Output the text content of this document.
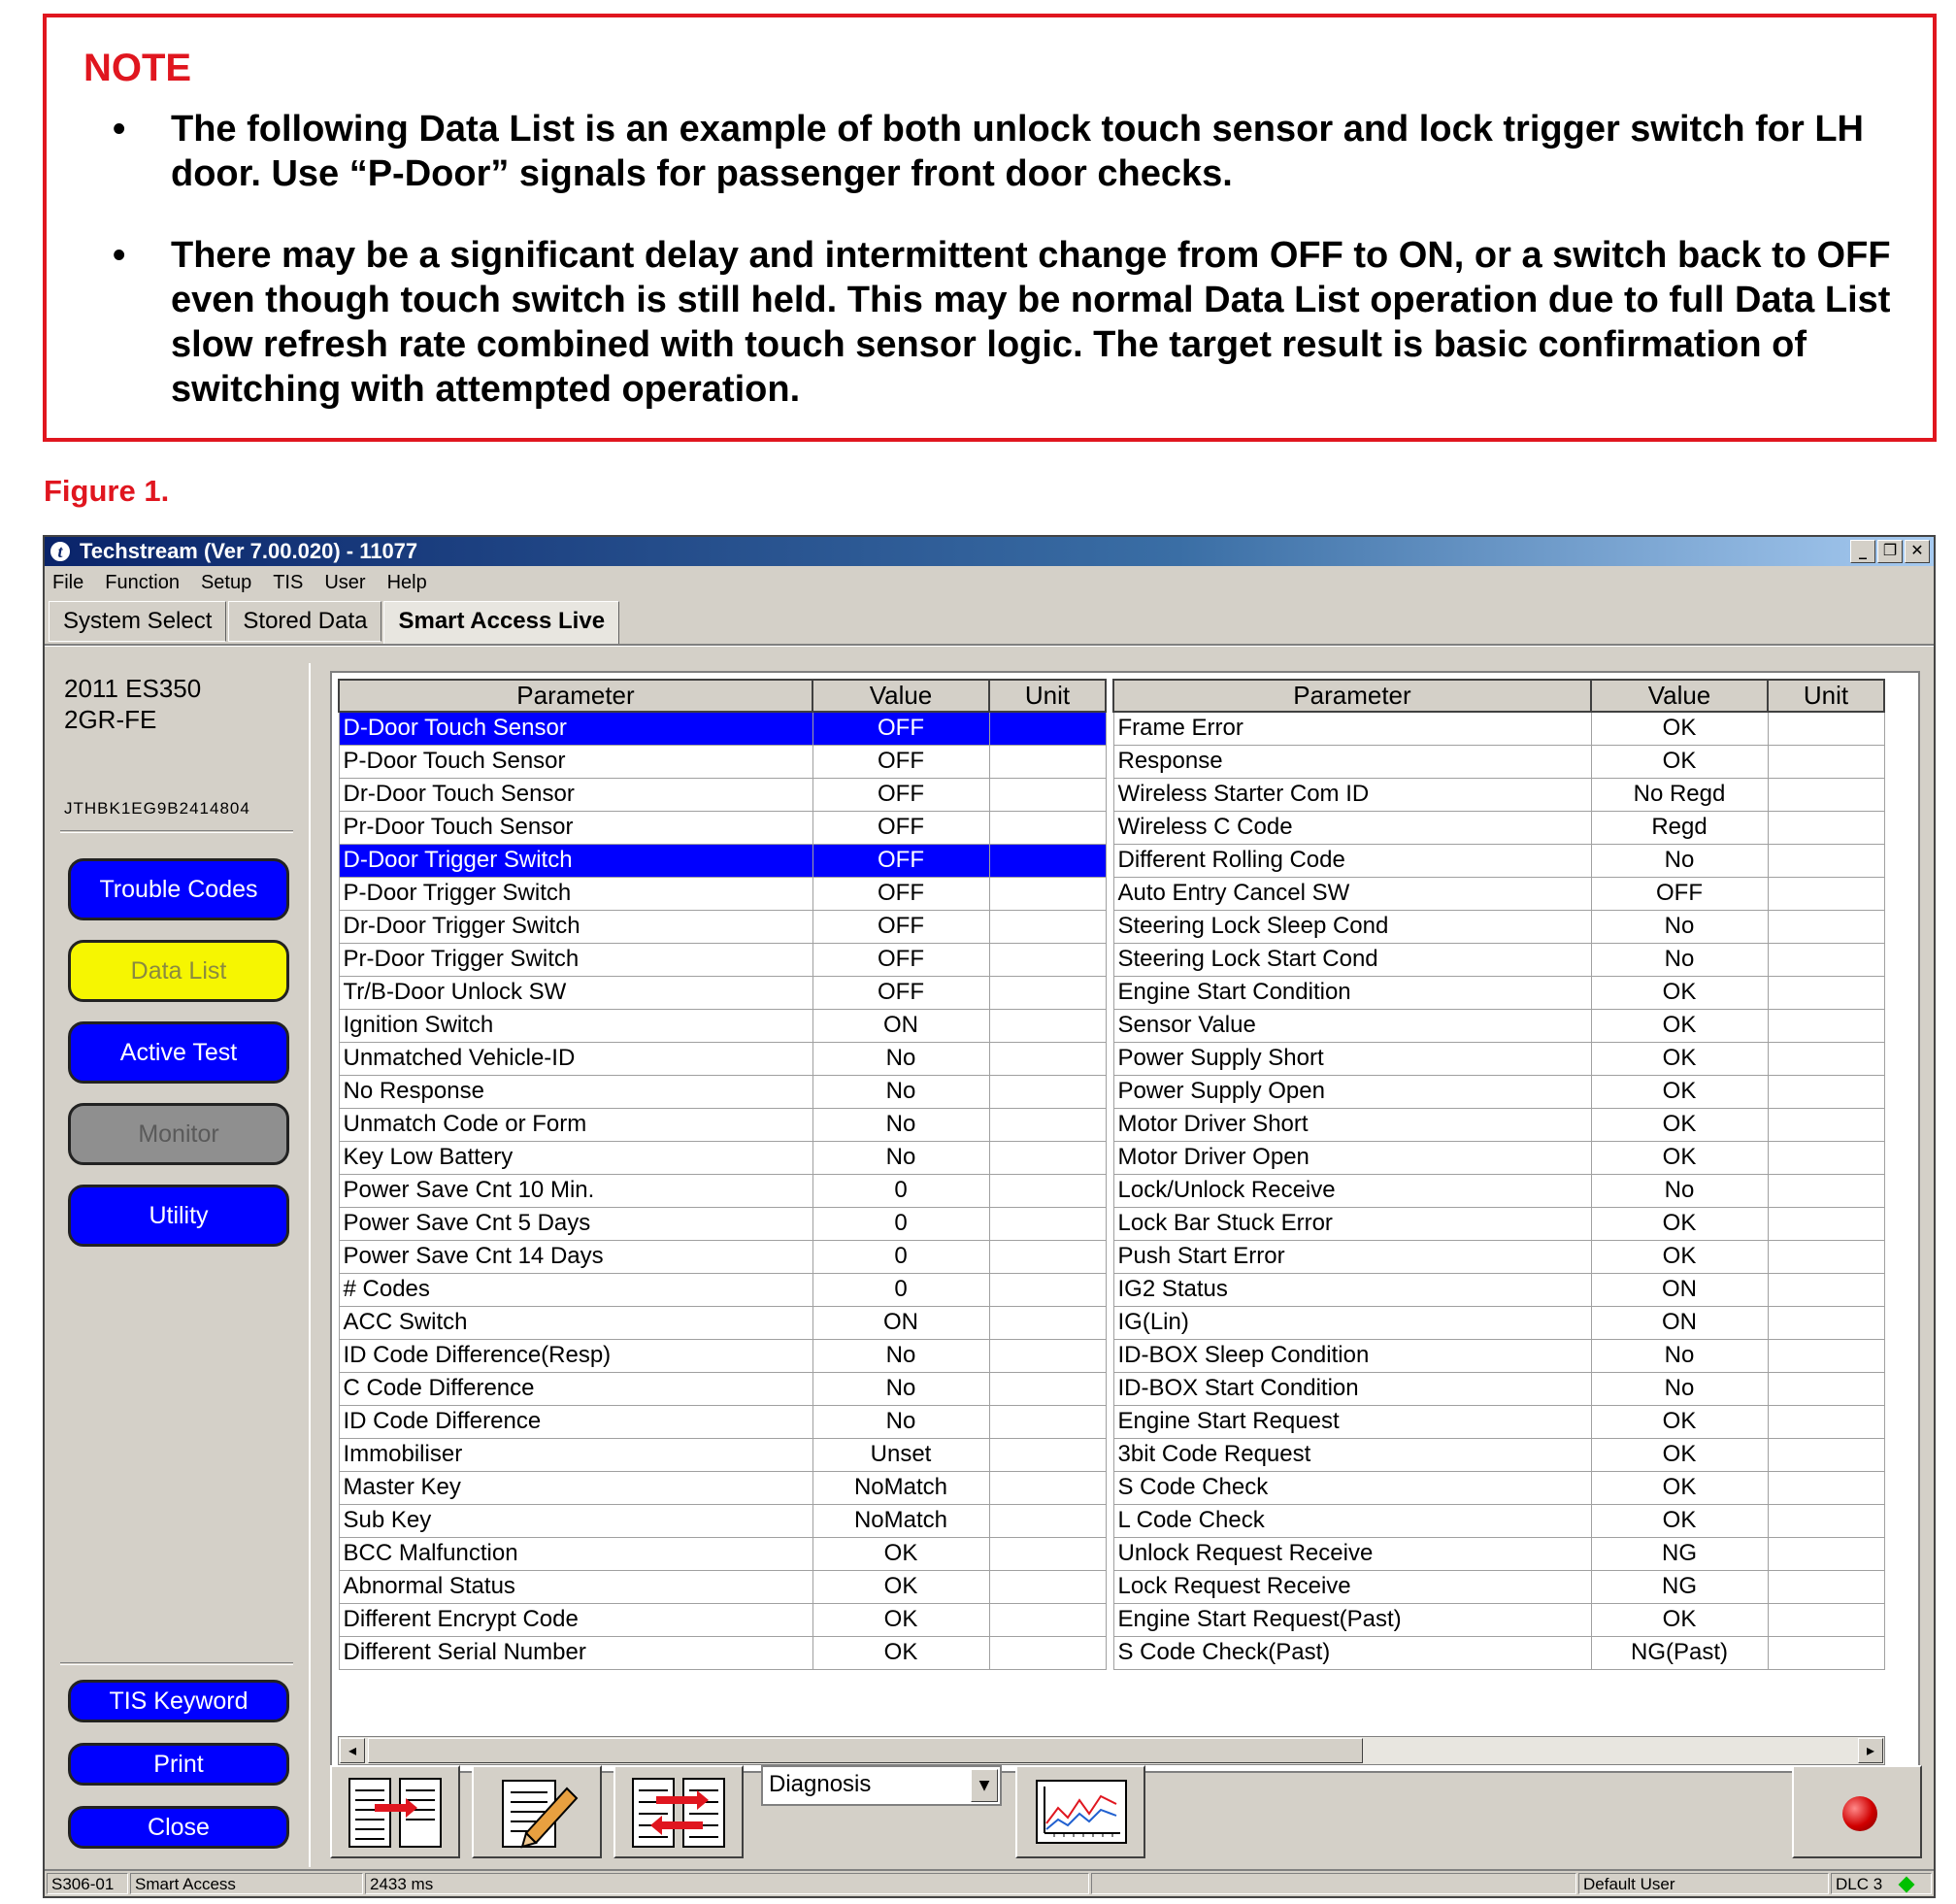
NOTE
• The following Data List is an example of both unlock touch sensor and lock trigger switch for LH door. Use “P-Door” signals for passenger front door checks.
• There may be a significant delay and intermittent change from OFF to ON, or a switch back to OFF even though touch switch is still held. This may be normal Data List operation due to full Data List slow refresh rate combined with touch sensor logic. The target result is basic confirmation of switching with attempted operation.
Figure 1.
t Techstream (Ver 7.00.020) - 11077	_	❐ ✕
File Function Setup TIS User Help
System Select	Stored Data	Smart Access Live
2011 ES350
2GR-FE
JTHBK1EG9B2414804
Trouble Codes
Data List
Active Test
Monitor
Utility
TIS Keyword
Print
Close
Parameter	Value	Unit
D-Door Touch Sensor	OFF	
P-Door Touch Sensor	OFF	
Dr-Door Touch Sensor	OFF	
Pr-Door Touch Sensor	OFF	
D-Door Trigger Switch	OFF	
P-Door Trigger Switch	OFF	
Dr-Door Trigger Switch	OFF	
Pr-Door Trigger Switch	OFF	
Tr/B-Door Unlock SW	OFF	
Ignition Switch	ON	
Unmatched Vehicle-ID	No	
No Response	No	
Unmatch Code or Form	No	
Key Low Battery	No	
Power Save Cnt 10 Min.	0	
Power Save Cnt 5 Days	0	
Power Save Cnt 14 Days	0	
# Codes	0	
ACC Switch	ON	
ID Code Difference(Resp)	No	
C Code Difference	No	
ID Code Difference	No	
Immobiliser	Unset	
Master Key	NoMatch	
Sub Key	NoMatch	
BCC Malfunction	OK	
Abnormal Status	OK	
Different Encrypt Code	OK	
Different Serial Number	OK	
Parameter	Value	Unit
Frame Error	OK	
Response	OK	
Wireless Starter Com ID	No Regd	
Wireless C Code	Regd	
Different Rolling Code	No	
Auto Entry Cancel SW	OFF	
Steering Lock Sleep Cond	No	
Steering Lock Start Cond	No	
Engine Start Condition	OK	
Sensor Value	OK	
Power Supply Short	OK	
Power Supply Open	OK	
Motor Driver Short	OK	
Motor Driver Open	OK	
Lock/Unlock Receive	No	
Lock Bar Stuck Error	OK	
Push Start Error	OK	
IG2 Status	ON	
IG(Lin)	ON	
ID-BOX Sleep Condition	No	
ID-BOX Start Condition	No	
Engine Start Request	OK	
3bit Code Request	OK	
S Code Check	OK	
L Code Check	OK	
Unlock Request Receive	NG	
Lock Request Receive	NG	
Engine Start Request(Past)	OK	
S Code Check(Past)	NG(Past)	
◂	▸
Diagnosis	▼
S306-01	Smart Access	2433 ms	Default User	DLC 3
